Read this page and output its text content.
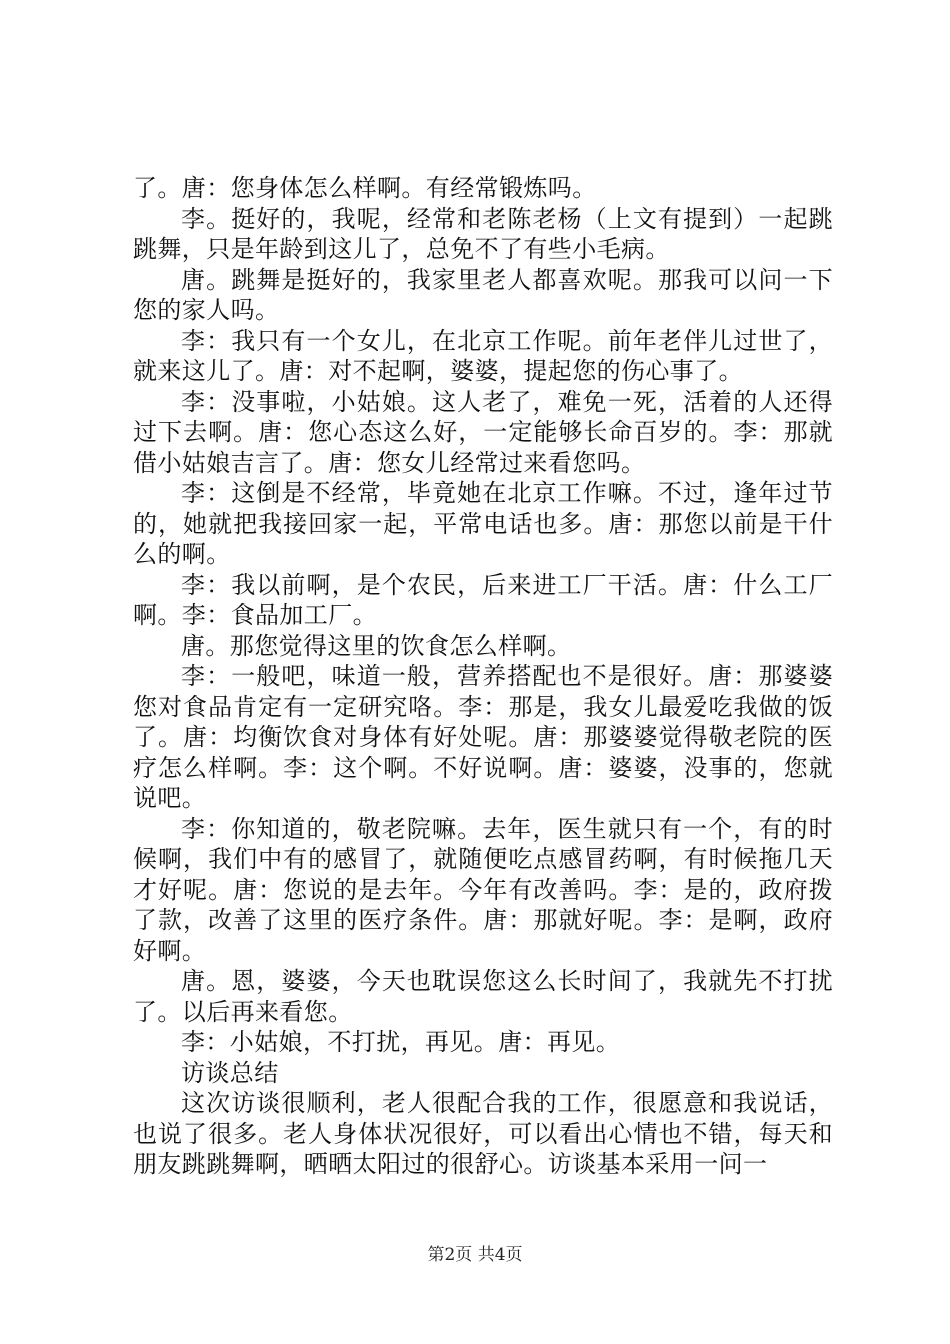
了。唐：您身体怎么样啊。有经常锻炼吗。

李。挺好的，我呢，经常和老陈老杨（上文有提到）一起跳跳舞，只是年龄到这儿了，总免不了有些小毛病。

唐。跳舞是挺好的，我家里老人都喜欢呢。那我可以问一下您的家人吗。

李：我只有一个女儿，在北京工作呢。前年老伴儿过世了，就来这儿了。唐：对不起啊，婆婆，提起您的伤心事了。

李：没事啦，小姑娘。这人老了，难免一死，活着的人还得过下去啊。唐：您心态这么好，一定能够长命百岁的。李：那就借小姑娘吉言了。唐：您女儿经常过来看您吗。

李：这倒是不经常，毕竟她在北京工作嘛。不过，逢年过节的，她就把我接回家一起，平常电话也多。唐：那您以前是干什么的啊。

李：我以前啊，是个农民，后来进工厂干活。唐：什么工厂啊。李：食品加工厂。

唐。那您觉得这里的饮食怎么样啊。

李：一般吧，味道一般，营养搭配也不是很好。唐：那婆婆您对食品肯定有一定研究咯。李：那是，我女儿最爱吃我做的饭了。唐：均衡饮食对身体有好处呢。唐：那婆婆觉得敬老院的医疗怎么样啊。李：这个啊。不好说啊。唐：婆婆，没事的，您就说吧。

李：你知道的，敬老院嘛。去年，医生就只有一个，有的时候啊，我们中有的感冒了，就随便吃点感冒药啊，有时候拖几天才好呢。唐：您说的是去年。今年有改善吗。李：是的，政府拨了款，改善了这里的医疗条件。唐：那就好呢。李：是啊，政府好啊。

唐。恩，婆婆，今天也耽误您这么长时间了，我就先不打扰了。以后再来看您。

李：小姑娘，不打扰，再见。唐：再见。

访谈总结

这次访谈很顺利，老人很配合我的工作，很愿意和我说话，也说了很多。老人身体状况很好，可以看出心情也不错，每天和朋友跳跳舞啊，晒晒太阳过的很舒心。访谈基本采用一问一

第2页 共4页
